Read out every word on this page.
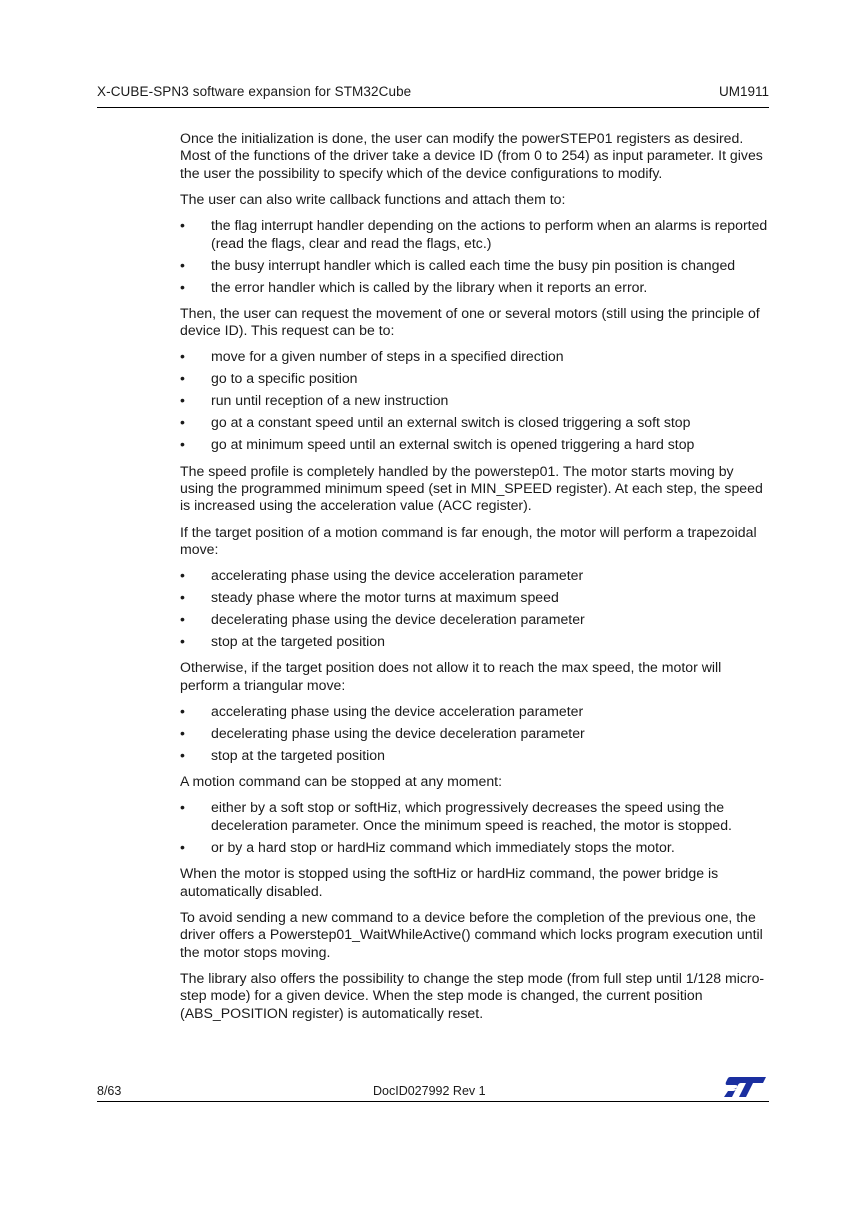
X-CUBE-SPN3 software expansion for STM32Cube	UM1911

Once the initialization is done, the user can modify the powerSTEP01 registers as desired. Most of the functions of the driver take a device ID (from 0 to 254) as input parameter. It gives the user the possibility to specify which of the device configurations to modify.

The user can also write callback functions and attach them to:

• the flag interrupt handler depending on the actions to perform when an alarms is reported (read the flags, clear and read the flags, etc.)
• the busy interrupt handler which is called each time the busy pin position is changed
• the error handler which is called by the library when it reports an error.

Then, the user can request the movement of one or several motors (still using the principle of device ID). This request can be to:

• move for a given number of steps in a specified direction
• go to a specific position
• run until reception of a new instruction
• go at a constant speed until an external switch is closed triggering a soft stop
• go at minimum speed until an external switch is opened triggering a hard stop

The speed profile is completely handled by the powerstep01. The motor starts moving by using the programmed minimum speed (set in MIN_SPEED register). At each step, the speed is increased using the acceleration value (ACC register).

If the target position of a motion command is far enough, the motor will perform a trapezoidal move:

• accelerating phase using the device acceleration parameter
• steady phase where the motor turns at maximum speed
• decelerating phase using the device deceleration parameter
• stop at the targeted position

Otherwise, if the target position does not allow it to reach the max speed, the motor will perform a triangular move:

• accelerating phase using the device acceleration parameter
• decelerating phase using the device deceleration parameter
• stop at the targeted position

A motion command can be stopped at any moment:

• either by a soft stop or softHiz, which progressively decreases the speed using the deceleration parameter. Once the minimum speed is reached, the motor is stopped.
• or by a hard stop or hardHiz command which immediately stops the motor.

When the motor is stopped using the softHiz or hardHiz command, the power bridge is automatically disabled.

To avoid sending a new command to a device before the completion of the previous one, the driver offers a Powerstep01_WaitWhileActive() command which locks program execution until the motor stops moving.

The library also offers the possibility to change the step mode (from full step until 1/128 micro-step mode) for a given device. When the step mode is changed, the current position (ABS_POSITION register) is automatically reset.

8/63	DocID027992 Rev 1
